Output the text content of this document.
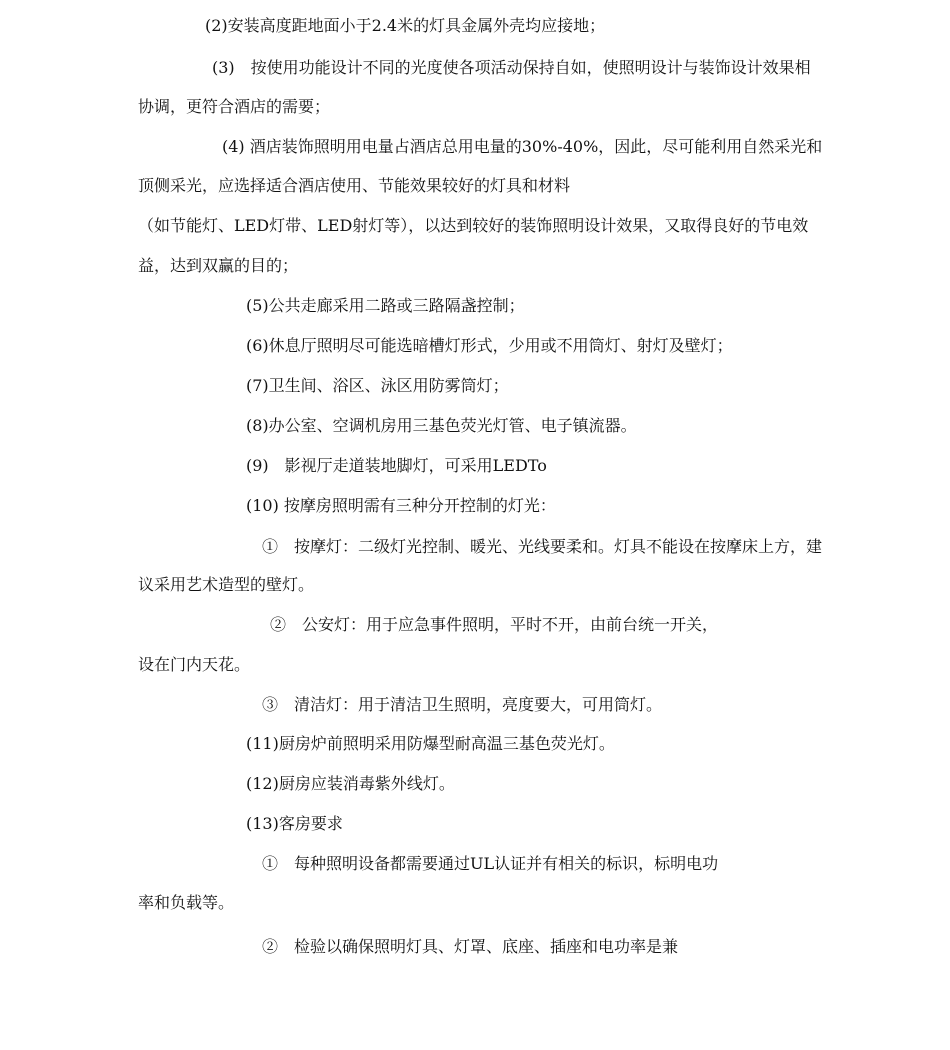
(2)安装高度距地面小于2.4米的灯具金属外壳均应接地；
(3)　按使用功能设计不同的光度使各项活动保持自如，使照明设计与装饰设计效果相
协调，更符合酒店的需要；
(4) 酒店装饰照明用电量占酒店总用电量的30%-40%，因此，尽可能利用自然采光和
顶侧采光，应选择适合酒店使用、节能效果较好的灯具和材料
（如节能灯、LED灯带、LED射灯等），以达到较好的装饰照明设计效果，又取得良好的节电效
益，达到双赢的目的；
(5)公共走廊采用二路或三路隔盏控制；
(6)休息厅照明尽可能选暗槽灯形式，少用或不用筒灯、射灯及壁灯；
(7)卫生间、浴区、泳区用防雾筒灯；
(8)办公室、空调机房用三基色荧光灯管、电子镇流器。
(9)　影视厅走道装地脚灯，可采用LEDTo
(10) 按摩房照明需有三种分开控制的灯光：
①　按摩灯：二级灯光控制、暖光、光线要柔和。灯具不能设在按摩床上方，建
议采用艺术造型的壁灯。
②　公安灯：用于应急事件照明，平时不开，由前台统一开关，
设在门内天花。
③　清洁灯：用于清洁卫生照明，亮度要大，可用筒灯。
(11)厨房炉前照明采用防爆型耐高温三基色荧光灯。
(12)厨房应装消毒紫外线灯。
(13)客房要求
①　每种照明设备都需要通过UL认证并有相关的标识，标明电功
率和负载等。
②　检验以确保照明灯具、灯罩、底座、插座和电功率是兼
